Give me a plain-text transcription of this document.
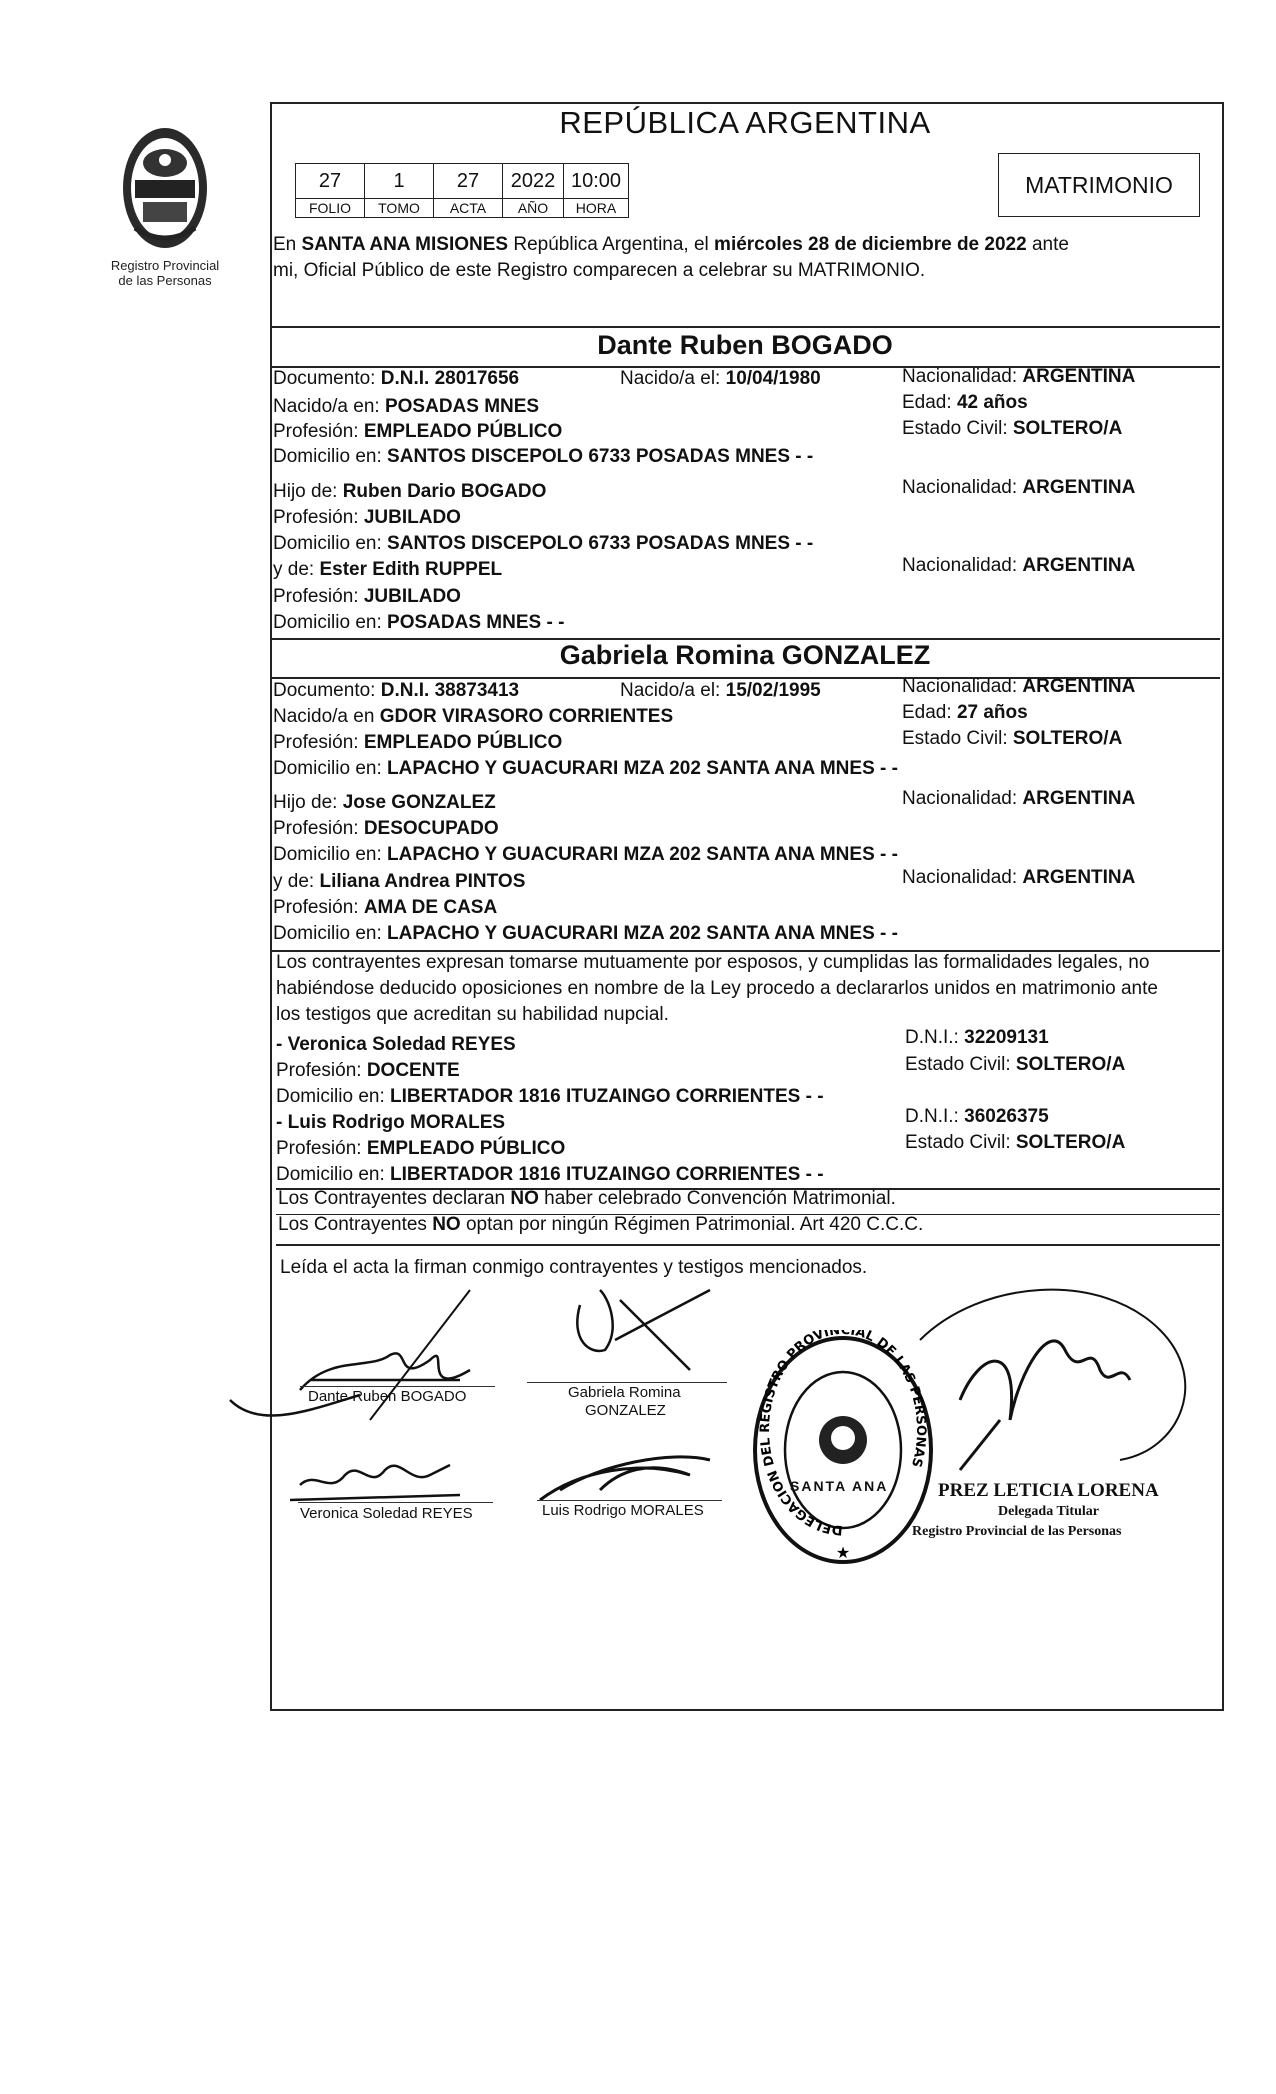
Registro Provincial
de las Personas
REPÚBLICA ARGENTINA
27	1	27	2022	10:00
FOLIO	TOMO	ACTA	AÑO	HORA
MATRIMONIO
En SANTA ANA MISIONES República Argentina, el miércoles 28 de diciembre de 2022 ante
mi, Oficial Público de este Registro comparecen a celebrar su MATRIMONIO.
Dante Ruben BOGADO
Documento: D.N.I. 28017656	Nacido/a el: 10/04/1980	Nacionalidad: ARGENTINA
Nacido/a en: POSADAS MNES	Edad: 42 años
Profesión: EMPLEADO PÚBLICO	Estado Civil: SOLTERO/A
Domicilio en: SANTOS DISCEPOLO 6733 POSADAS MNES - -
Hijo de: Ruben Dario BOGADO	Nacionalidad: ARGENTINA
Profesión: JUBILADO
Domicilio en: SANTOS DISCEPOLO 6733 POSADAS MNES - -
y de: Ester Edith RUPPEL	Nacionalidad: ARGENTINA
Profesión: JUBILADO
Domicilio en: POSADAS MNES - -
Gabriela Romina GONZALEZ
Documento: D.N.I. 38873413	Nacido/a el: 15/02/1995	Nacionalidad: ARGENTINA
Nacido/a en GDOR VIRASORO CORRIENTES	Edad: 27 años
Profesión: EMPLEADO PÚBLICO	Estado Civil: SOLTERO/A
Domicilio en: LAPACHO Y GUACURARI MZA 202 SANTA ANA MNES - -
Hijo de: Jose GONZALEZ	Nacionalidad: ARGENTINA
Profesión: DESOCUPADO
Domicilio en: LAPACHO Y GUACURARI MZA 202 SANTA ANA MNES - -
y de: Liliana Andrea PINTOS	Nacionalidad: ARGENTINA
Profesión: AMA DE CASA
Domicilio en: LAPACHO Y GUACURARI MZA 202 SANTA ANA MNES - -
Los contrayentes expresan tomarse mutuamente por esposos, y cumplidas las formalidades legales, no
habiéndose deducido oposiciones en nombre de la Ley procedo a declararlos unidos en matrimonio ante
los testigos que acreditan su habilidad nupcial.
- Veronica Soledad REYES	D.N.I.: 32209131
Profesión: DOCENTE	Estado Civil: SOLTERO/A
Domicilio en: LIBERTADOR 1816 ITUZAINGO CORRIENTES - -
- Luis Rodrigo MORALES	D.N.I.: 36026375
Profesión: EMPLEADO PÚBLICO	Estado Civil: SOLTERO/A
Domicilio en: LIBERTADOR 1816 ITUZAINGO CORRIENTES - -
Los Contrayentes declaran NO haber celebrado Convención Matrimonial.
Los Contrayentes NO optan por ningún Régimen Patrimonial. Art 420 C.C.C.
Leída el acta la firman conmigo contrayentes y testigos mencionados.
Dante Ruben BOGADO	Gabriela Romina
GONZALEZ
Veronica Soledad REYES	Luis Rodrigo MORALES
★
DELEGACION DEL REGISTRO PROVINCIAL DE LAS PERSONAS
SANTA ANA	PREZ LETICIA LORENA
Delegada Titular
Registro Provincial de las Personas
